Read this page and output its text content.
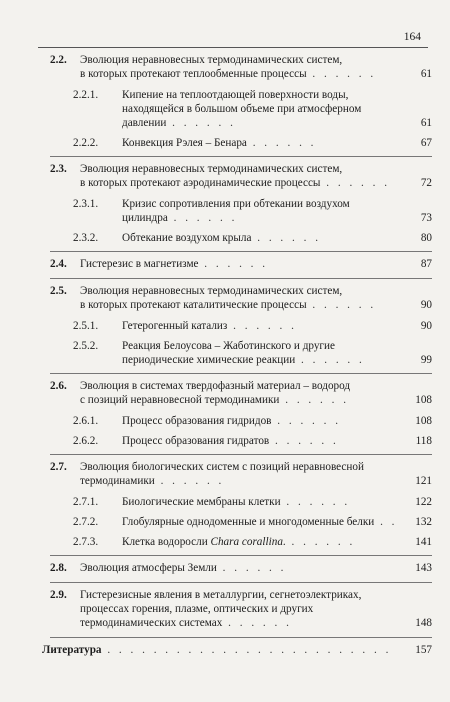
164
2.2. Эволюция неравновесных термодинамических систем,
в которых протекают теплообменные процессы . . . . . .	61
2.2.1. Кипение на теплоотдающей поверхности воды,
находящейся в большом объеме при атмосферном
давлении . . . . . .	61
2.2.2. Конвекция Рэлея – Бенара . . . . . .	67
2.3. Эволюция неравновесных термодинамических систем,
в которых протекают аэродинамические процессы . . . . . .	72
2.3.1. Кризис сопротивления при обтекании воздухом
цилиндра . . . . . .	73
2.3.2. Обтекание воздухом крыла . . . . . .	80
2.4. Гистерезис в магнетизме . . . . . .	87
2.5. Эволюция неравновесных термодинамических систем,
в которых протекают каталитические процессы . . . . . .	90
2.5.1. Гетерогенный катализ . . . . . .	90
2.5.2. Реакция Белоусова – Жаботинского и другие
периодические химические реакции . . . . . .	99
2.6. Эволюция в системах твердофазный материал – водород
с позиций неравновесной термодинамики . . . . . .	108
2.6.1. Процесс образования гидридов . . . . . .	108
2.6.2. Процесс образования гидратов . . . . . .	118
2.7. Эволюция биологических систем с позиций неравновесной
термодинамики . . . . . .	121
2.7.1. Биологические мембраны клетки . . . . . .	122
2.7.2. Глобулярные однодоменные и многодоменные белки . . 132
2.7.3. Клетка водоросли Chara corallina. . . . . . .	141
2.8. Эволюция атмосферы Земли . . . . . .	143
2.9. Гистерезисные явления в металлургии, сегнетоэлектриках,
процессах горения, плазме, оптических и других
термодинамических системах . . . . . .	148
Литература . . . . . . . . . . . . . . . . . . . . . . . . .	157
